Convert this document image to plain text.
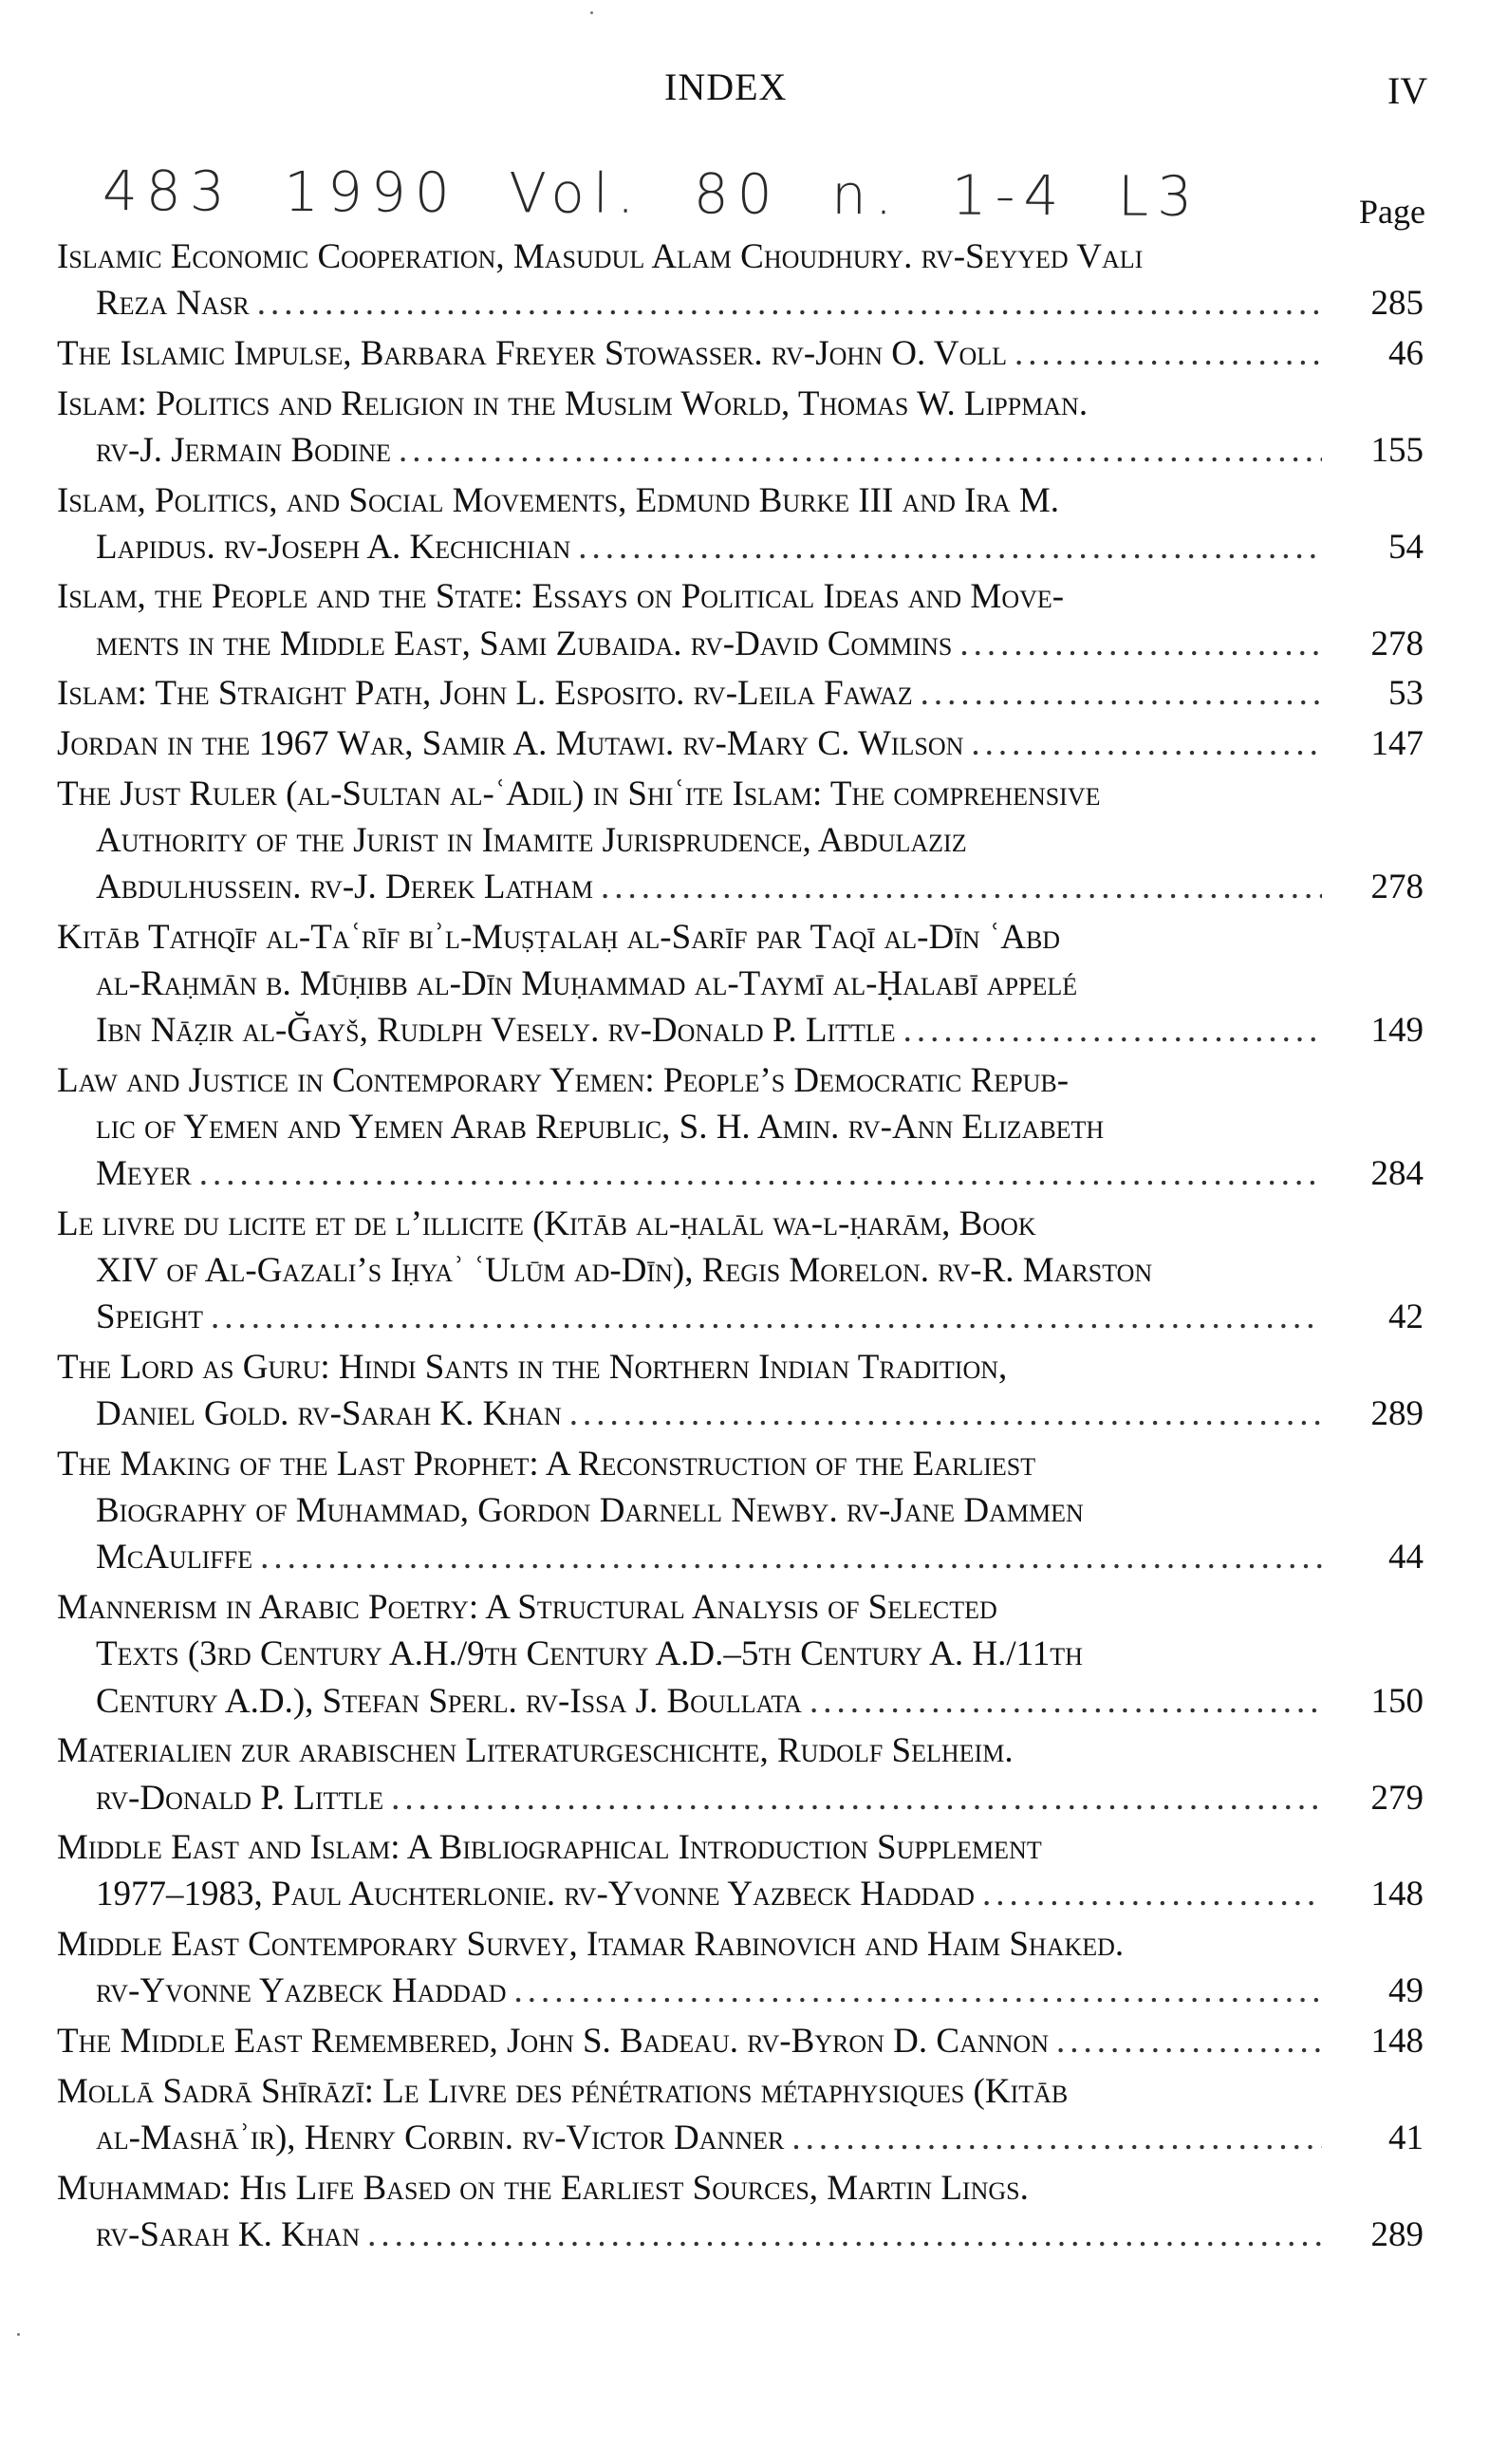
INDEX	IV
483 1990 Vol. 80 n. 1-4 L3	Page
Islamic Economic Cooperation, Masudul Alam Choudhury. rv-Seyyed Vali
Reza Nasr .....	285
The Islamic Impulse, Barbara Freyer Stowasser. rv-John O. Voll .....	46
Islam: Politics and Religion in the Muslim World, Thomas W. Lippman.
rv-J. Jermain Bodine .....	155
Islam, Politics, and Social Movements, Edmund Burke III and Ira M.
Lapidus. rv-Joseph A. Kechichian .....	54
Islam, the People and the State: Essays on Political Ideas and Move-
ments in the Middle East, Sami Zubaida. rv-David Commins .....	278
Islam: The Straight Path, John L. Esposito. rv-Leila Fawaz .....	53
Jordan in the 1967 War, Samir A. Mutawi. rv-Mary C. Wilson .....	147
The Just Ruler (al-Sultan al-ʿAdil) in Shiʿite Islam: The comprehensive
Authority of the Jurist in Imamite Jurisprudence, Abdulaziz
Abdulhussein. rv-J. Derek Latham .....	278
Kitāb Tathqīf al-Taʿrīf biʾl-Muṣṭalaḥ al-Sarīf par Taqī al-Dīn ʿAbd
al-Raḥmān b. Mūḥibb al-Dīn Muḥammad al-Taymī al-Ḥalabī appelé
Ibn Nāẓir al-Ğayš, Rudlph Vesely. rv-Donald P. Little .....	149
Law and Justice in Contemporary Yemen: People’s Democratic Repub-
lic of Yemen and Yemen Arab Republic, S. H. Amin. rv-Ann Elizabeth
Meyer .....	284
Le livre du licite et de l’illicite (Kitāb al-ḥalāl wa-l-ḥarām, Book
XIV of Al-Gazali’s Iḥyaʾ ʿUlūm ad-Dīn), Regis Morelon. rv-R. Marston
Speight .....	42
The Lord as Guru: Hindi Sants in the Northern Indian Tradition,
Daniel Gold. rv-Sarah K. Khan .....	289
The Making of the Last Prophet: A Reconstruction of the Earliest
Biography of Muhammad, Gordon Darnell Newby. rv-Jane Dammen
McAuliffe .....	44
Mannerism in Arabic Poetry: A Structural Analysis of Selected
Texts (3rd Century A.H./9th Century A.D.–5th Century A. H./11th
Century A.D.), Stefan Sperl. rv-Issa J. Boullata .....	150
Materialien zur arabischen Literaturgeschichte, Rudolf Selheim.
rv-Donald P. Little .....	279
Middle East and Islam: A Bibliographical Introduction Supplement
1977–1983, Paul Auchterlonie. rv-Yvonne Yazbeck Haddad .....	148
Middle East Contemporary Survey, Itamar Rabinovich and Haim Shaked.
rv-Yvonne Yazbeck Haddad .....	49
The Middle East Remembered, John S. Badeau. rv-Byron D. Cannon .....	148
Mollā Sadrā Shīrāzī: Le Livre des pénétrations métaphysiques (Kitāb
al-Mashāʾir), Henry Corbin. rv-Victor Danner .....	41
Muhammad: His Life Based on the Earliest Sources, Martin Lings.
rv-Sarah K. Khan .....	289
